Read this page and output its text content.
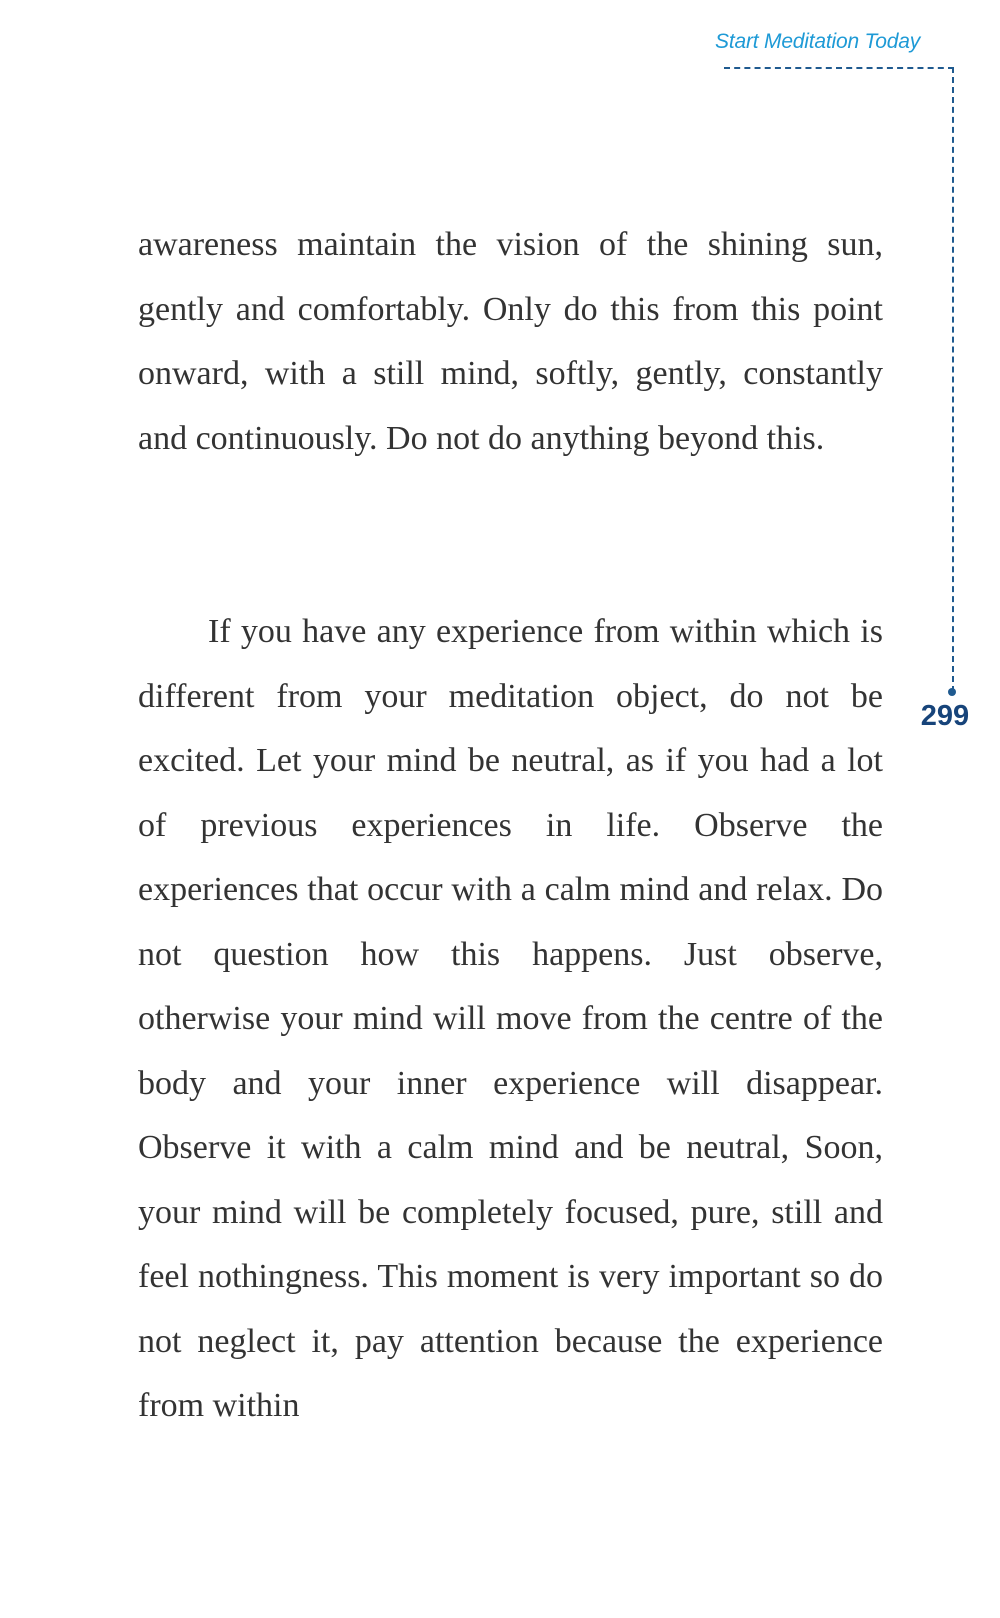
Start Meditation Today
299

awareness maintain the vision of the shining sun, gently and comfortably. Only do this from this point onward, with a still mind, softly, gently, constantly and continuously. Do not do anything beyond this.

If you have any experience from within which is different from your meditation object, do not be excited. Let your mind be neutral, as if you had a lot of previous experiences in life. Observe the experiences that occur with a calm mind and relax. Do not question how this happens. Just observe, otherwise your mind will move from the centre of the body and your inner experience will disappear. Observe it with a calm mind and be neutral, Soon, your mind will be completely focused, pure, still and feel nothingness. This moment is very important so do not neglect it, pay attention because the experience from within
